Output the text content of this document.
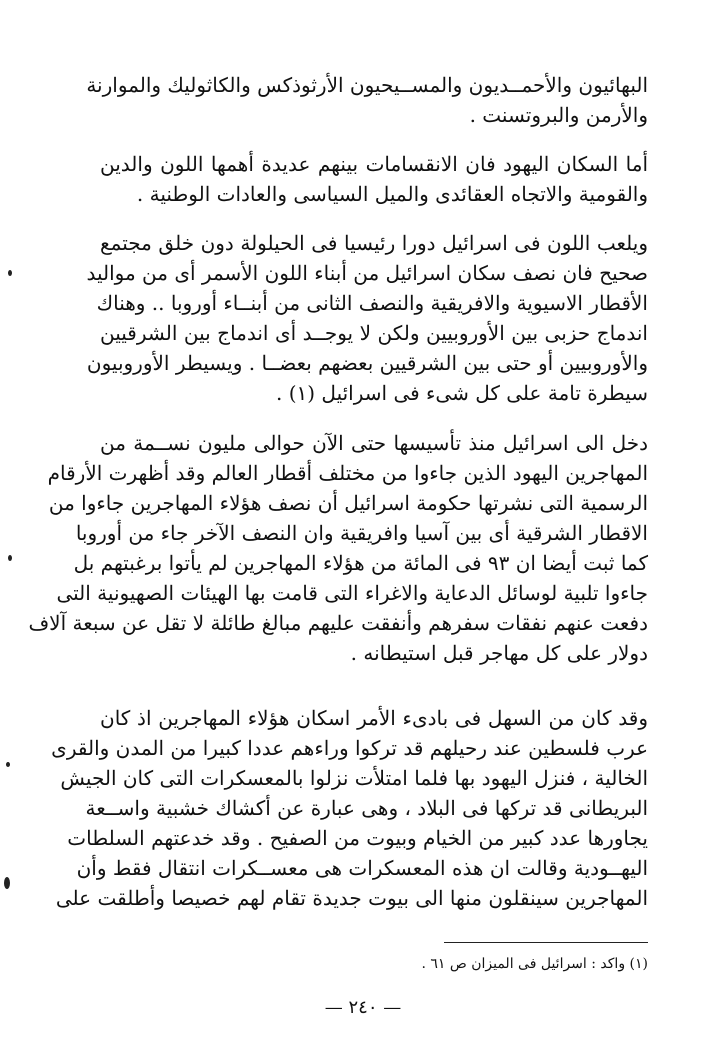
البهائيون والأحمــديون والمســيحيون الأرثوذكس والكاثوليك والموارنة
والأرمن والبروتسنت .
أما السكان اليهود فان الانقسامات بينهم عديدة أهمها اللون والدين
والقومية والاتجاه العقائدى والميل السياسى والعادات الوطنية .
ويلعب اللون فى اسرائيل دورا رئيسيا فى الحيلولة دون خلق مجتمع
صحيح فان نصف سكان اسرائيل من أبناء اللون الأسمر أى من مواليد
الأقطار الاسيوية والافريقية والنصف الثانى من أبنــاء أوروبا .. وهناك
اندماج حزبى بين الأوروبيين ولكن لا يوجــد أى اندماج بين الشرقيين
والأوروبيين أو حتى بين الشرقيين بعضهم بعضــا . ويسيطر الأوروبيون
سيطرة تامة على كل شىء فى اسرائيل (١) .
دخل الى اسرائيل منذ تأسيسها حتى الآن حوالى مليون نســمة من
المهاجرين اليهود الذين جاءوا من مختلف أقطار العالم وقد أظهرت الأرقام
الرسمية التى نشرتها حكومة اسرائيل أن نصف هؤلاء المهاجرين جاءوا من
الاقطار الشرقية أى بين آسيا وافريقية وان النصف الآخر جاء من أوروبا
كما ثبت أيضا ان ٩٣ فى المائة من هؤلاء المهاجرين لم يأتوا برغبتهم بل
جاءوا تلبية لوسائل الدعاية والاغراء التى قامت بها الهيئات الصهيونية التى
دفعت عنهم نفقات سفرهم وأنفقت عليهم مبالغ طائلة لا تقل عن سبعة آلاف
دولار على كل مهاجر قبل استيطانه .
وقد كان من السهل فى بادىء الأمر اسكان هؤلاء المهاجرين اذ كان
عرب فلسطين عند رحيلهم قد تركوا وراءهم عددا كبيرا من المدن والقرى
الخالية ، فنزل اليهود بها فلما امتلأت نزلوا بالمعسكرات التى كان الجيش
البريطانى قد تركها فى البلاد ، وهى عبارة عن أكشاك خشبية واســعة
يجاورها عدد كبير من الخيام وبيوت من الصفيح . وقد خدعتهم السلطات
اليهــودية وقالت ان هذه المعسكرات هى معســكرات انتقال فقط وأن
المهاجرين سينقلون منها الى بيوت جديدة تقام لهم خصيصا وأطلقت على
(١) واكد : اسرائيل فى الميزان ص ٦١ .
— ٢٤٠ —
